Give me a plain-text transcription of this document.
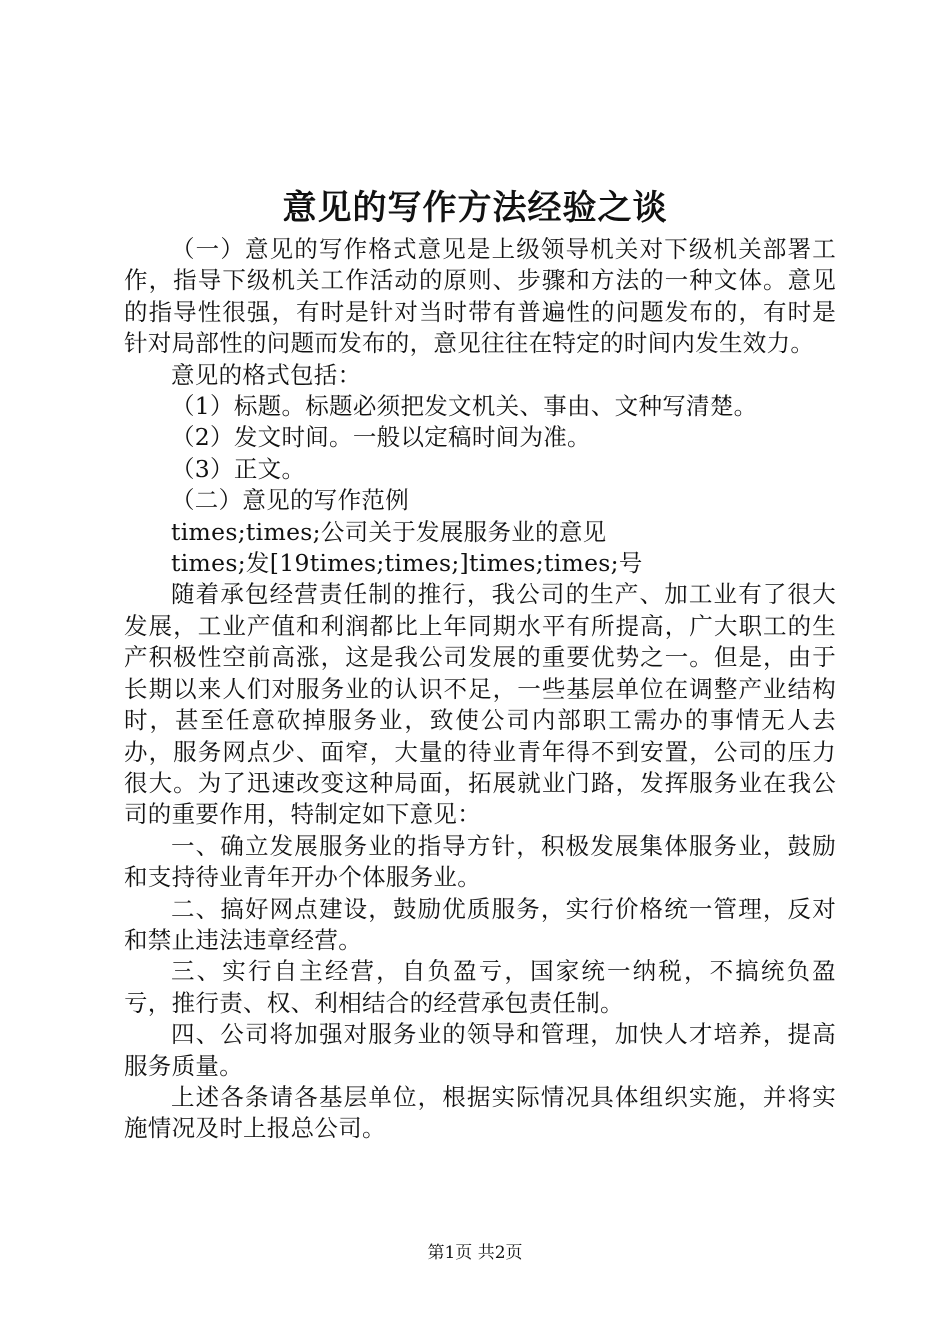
意见的写作方法经验之谈

（一）意见的写作格式意见是上级领导机关对下级机关部署工作，指导下级机关工作活动的原则、步骤和方法的一种文体。意见的指导性很强，有时是针对当时带有普遍性的问题发布的，有时是针对局部性的问题而发布的，意见往往在特定的时间内发生效力。

意见的格式包括：

（1）标题。标题必须把发文机关、事由、文种写清楚。

（2）发文时间。一般以定稿时间为准。

（3）正文。

（二）意见的写作范例

times;times;公司关于发展服务业的意见

times;发[19times;times;]times;times;号

随着承包经营责任制的推行，我公司的生产、加工业有了很大发展，工业产值和利润都比上年同期水平有所提高，广大职工的生产积极性空前高涨，这是我公司发展的重要优势之一。但是，由于长期以来人们对服务业的认识不足，一些基层单位在调整产业结构时，甚至任意砍掉服务业，致使公司内部职工需办的事情无人去办，服务网点少、面窄，大量的待业青年得不到安置，公司的压力很大。为了迅速改变这种局面，拓展就业门路，发挥服务业在我公司的重要作用，特制定如下意见：

一、确立发展服务业的指导方针，积极发展集体服务业，鼓励和支持待业青年开办个体服务业。

二、搞好网点建设，鼓励优质服务，实行价格统一管理，反对和禁止违法违章经营。

三、实行自主经营，自负盈亏，国家统一纳税，不搞统负盈亏，推行责、权、利相结合的经营承包责任制。

四、公司将加强对服务业的领导和管理，加快人才培养，提高服务质量。

上述各条请各基层单位，根据实际情况具体组织实施，并将实施情况及时上报总公司。

第1页 共2页
